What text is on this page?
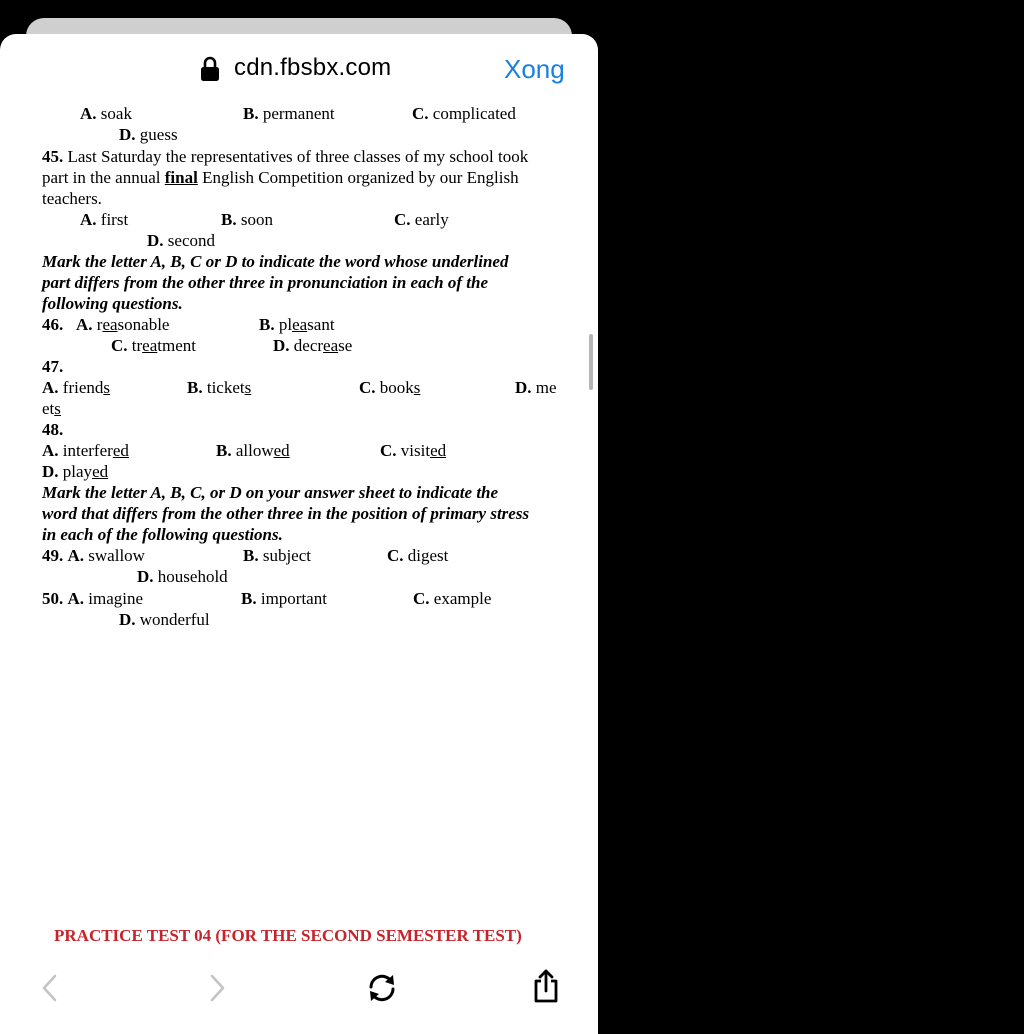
cdn.fbsbx.com	Xong
A. soak	B. permanent	C. complicated
D. guess
45. Last Saturday the representatives of three classes of my school took
part in the annual final English Competition organized by our English
teachers.
A. first	B. soon	C. early
D. second
Mark the letter A, B, C or D to indicate the word whose underlined
part differs from the other three in pronunciation in each of the
following questions.
46. A. reasonable	B. pleasant
C. treatment	D. decrease
47.
A. friends	B. tickets	C. books	D. me
ets
48.
A. interfered	B. allowed	C. visited
D. played
Mark the letter A, B, C, or D on your answer sheet to indicate the
word that differs from the other three in the position of primary stress
in each of the following questions.
49. A. swallow	B. subject	C. digest
D. household
50. A. imagine	B. important	C. example
D. wonderful
PRACTICE TEST 04 (FOR THE SECOND SEMESTER TEST)
